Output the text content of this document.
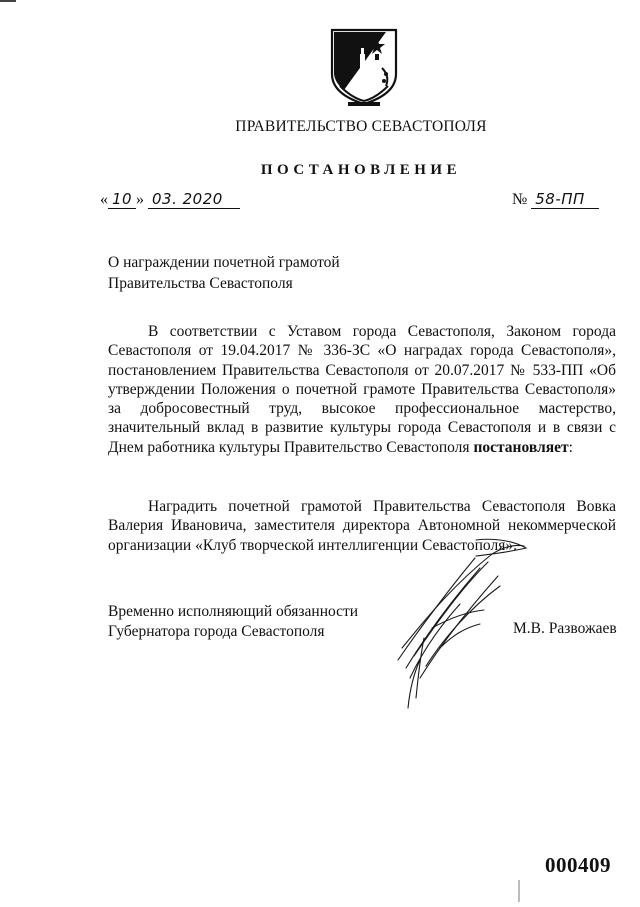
ПРАВИТЕЛЬСТВО СЕВАСТОПОЛЯ
ПОСТАНОВЛЕНИЕ
« 10 » 03. 2020	№ 58-ПП
О награждении почетной грамотой
Правительства Севастополя

В соответствии с Уставом города Севастополя, Законом города Севастополя от 19.04.2017 № 336-ЗС «О наградах города Севастополя», постановлением Правительства Севастополя от 20.07.2017 № 533-ПП «Об утверждении Положения о почетной грамоте Правительства Севастополя» за добросовестный труд, высокое профессиональное мастерство, значительный вклад в развитие культуры города Севастополя и в связи с Днем работника культуры Правительство Севастополя постановляет:

Наградить почетной грамотой Правительства Севастополя Вовка Валерия Ивановича, заместителя директора Автономной некоммерческой организации «Клуб творческой интеллигенции Севастополя».

Временно исполняющий обязанности
Губернатора города Севастополя	М.В. Развожаев
000409
